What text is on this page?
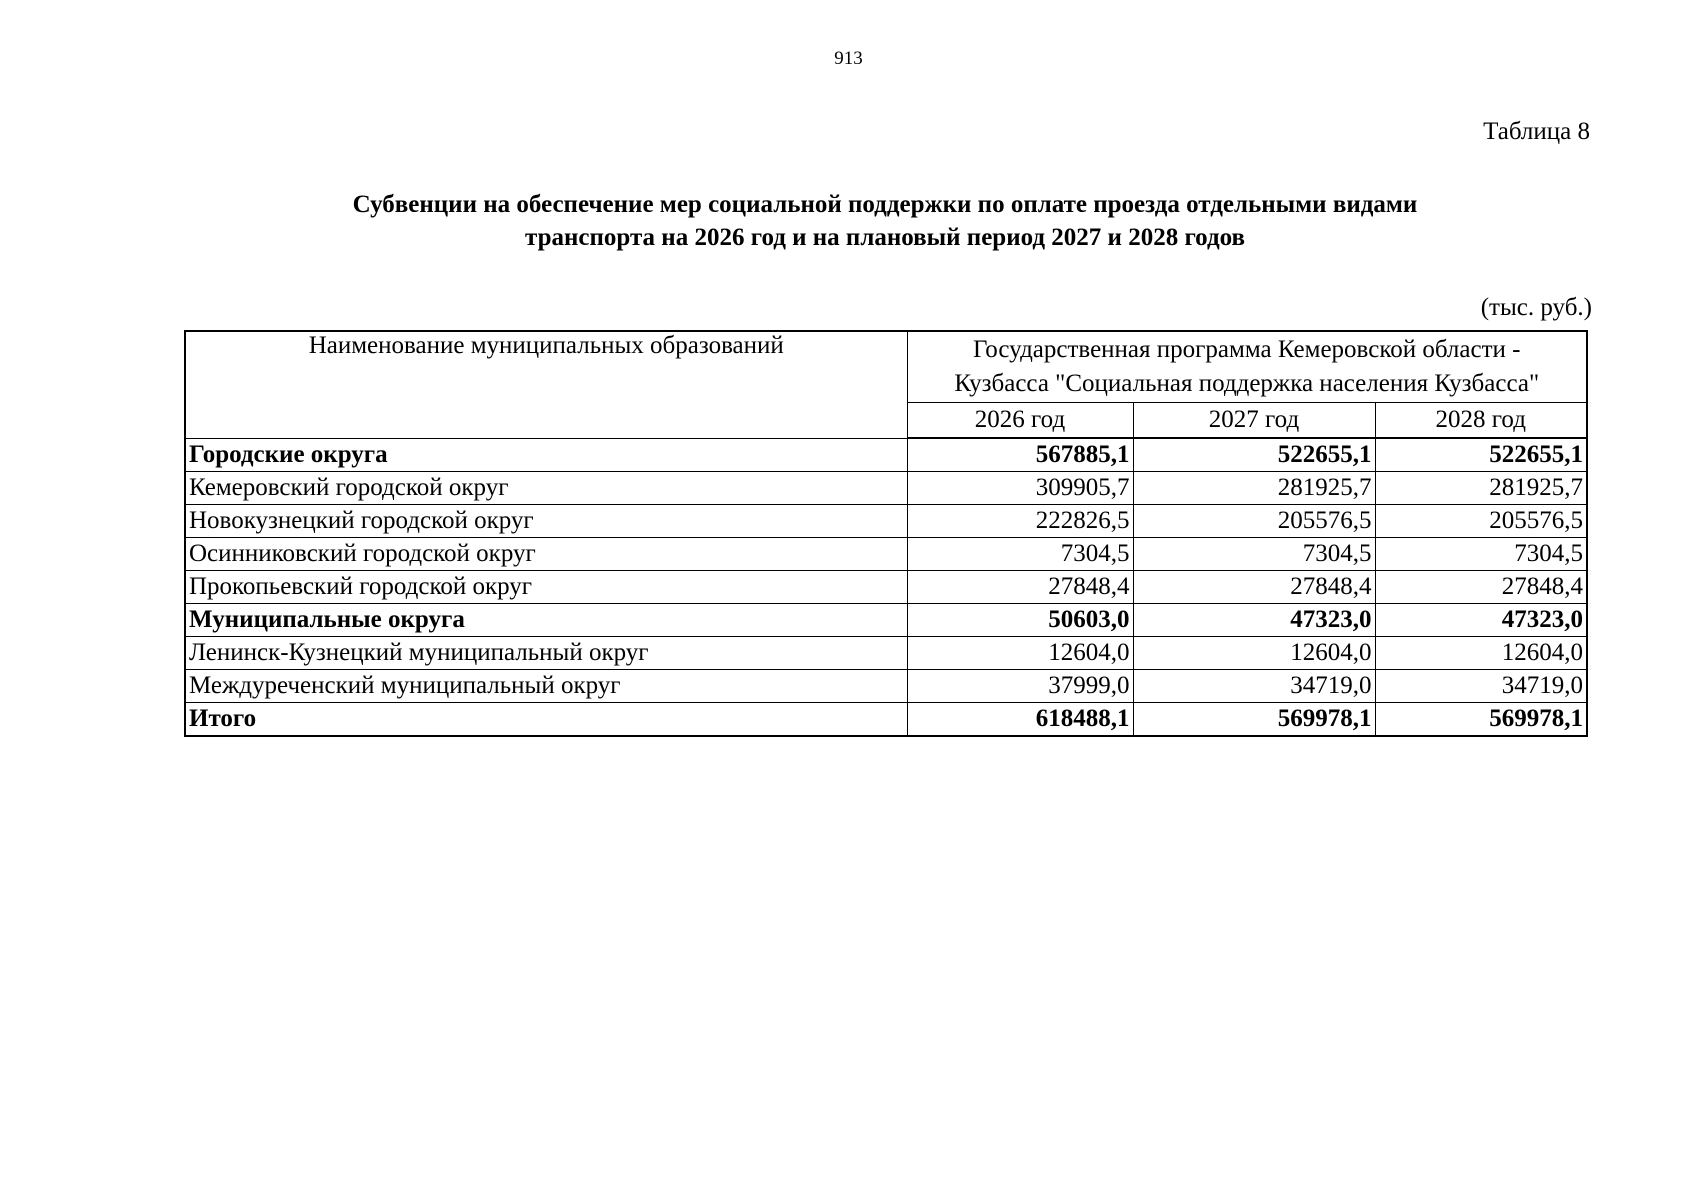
913
Таблица 8
Субвенции на обеспечение мер социальной поддержки по оплате проезда отдельными видами
транспорта на 2026 год и на плановый период 2027 и 2028 годов
(тыс. руб.)
Наименование муниципальных образований	Государственная программа Кемеровской области -
Кузбасса "Социальная поддержка населения Кузбасса"		

	2026 год	2027 год	2028 год
Городские округа	567885,1	522655,1	522655,1
Кемеровский городской округ	309905,7	281925,7	281925,7
Новокузнецкий городской округ	222826,5	205576,5	205576,5
Осинниковский городской округ	7304,5	7304,5	7304,5
Прокопьевский городской округ	27848,4	27848,4	27848,4
Муниципальные округа	50603,0	47323,0	47323,0
Ленинск-Кузнецкий муниципальный округ	12604,0	12604,0	12604,0
Междуреченский муниципальный округ	37999,0	34719,0	34719,0
Итого	618488,1	569978,1	569978,1
